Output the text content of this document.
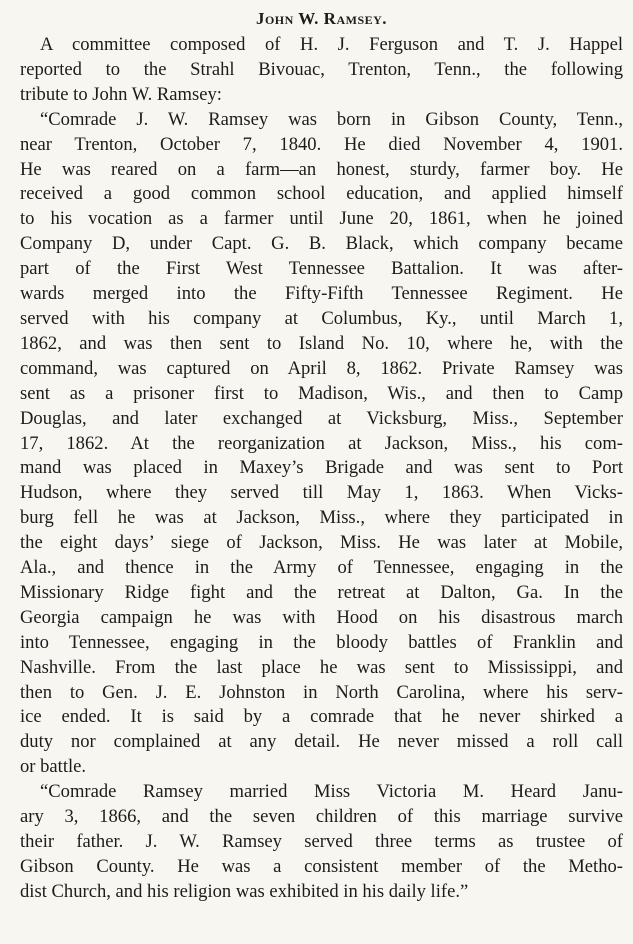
John W. Ramsey.
A committee composed of H. J. Ferguson and T. J. Happel
reported to the Strahl Bivouac, Trenton, Tenn., the following
tribute to John W. Ramsey:
“Comrade J. W. Ramsey was born in Gibson County, Tenn.,
near Trenton, October 7, 1840. He died November 4, 1901.
He was reared on a farm—an honest, sturdy, farmer boy. He
received a good common school education, and applied himself
to his vocation as a farmer until June 20, 1861, when he joined
Company D, under Capt. G. B. Black, which company became
part of the First West Tennessee Battalion. It was after-
wards merged into the Fifty-Fifth Tennessee Regiment. He
served with his company at Columbus, Ky., until March 1,
1862, and was then sent to Island No. 10, where he, with the
command, was captured on April 8, 1862. Private Ramsey was
sent as a prisoner first to Madison, Wis., and then to Camp
Douglas, and later exchanged at Vicksburg, Miss., September
17, 1862. At the reorganization at Jackson, Miss., his com-
mand was placed in Maxey’s Brigade and was sent to Port
Hudson, where they served till May 1, 1863. When Vicks-
burg fell he was at Jackson, Miss., where they participated in
the eight days’ siege of Jackson, Miss. He was later at Mobile,
Ala., and thence in the Army of Tennessee, engaging in the
Missionary Ridge fight and the retreat at Dalton, Ga. In the
Georgia campaign he was with Hood on his disastrous march
into Tennessee, engaging in the bloody battles of Franklin and
Nashville. From the last place he was sent to Mississippi, and
then to Gen. J. E. Johnston in North Carolina, where his serv-
ice ended. It is said by a comrade that he never shirked a
duty nor complained at any detail. He never missed a roll call
or battle.
“Comrade Ramsey married Miss Victoria M. Heard Janu-
ary 3, 1866, and the seven children of this marriage survive
their father. J. W. Ramsey served three terms as trustee of
Gibson County. He was a consistent member of the Metho-
dist Church, and his religion was exhibited in his daily life.”
